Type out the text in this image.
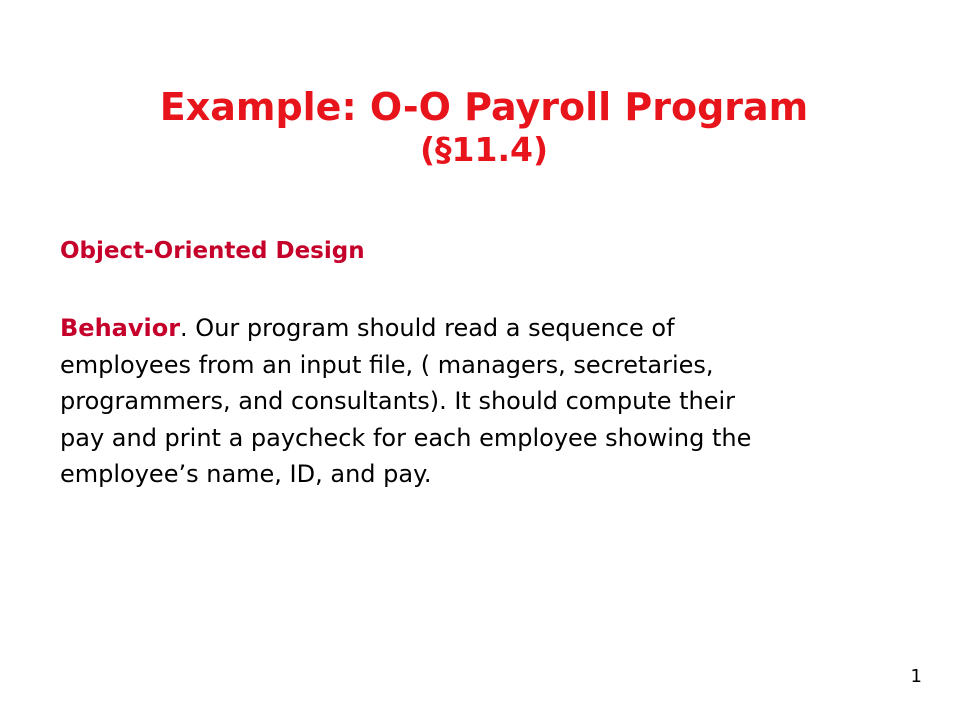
Example: O-O Payroll Program
(§11.4)
Object-Oriented Design
Behavior. Our program should read a sequence of
employees from an input file, ( managers, secretaries,
programmers, and consultants). It should compute their
pay and print a paycheck for each employee showing the
employee’s name, ID, and pay.
1
